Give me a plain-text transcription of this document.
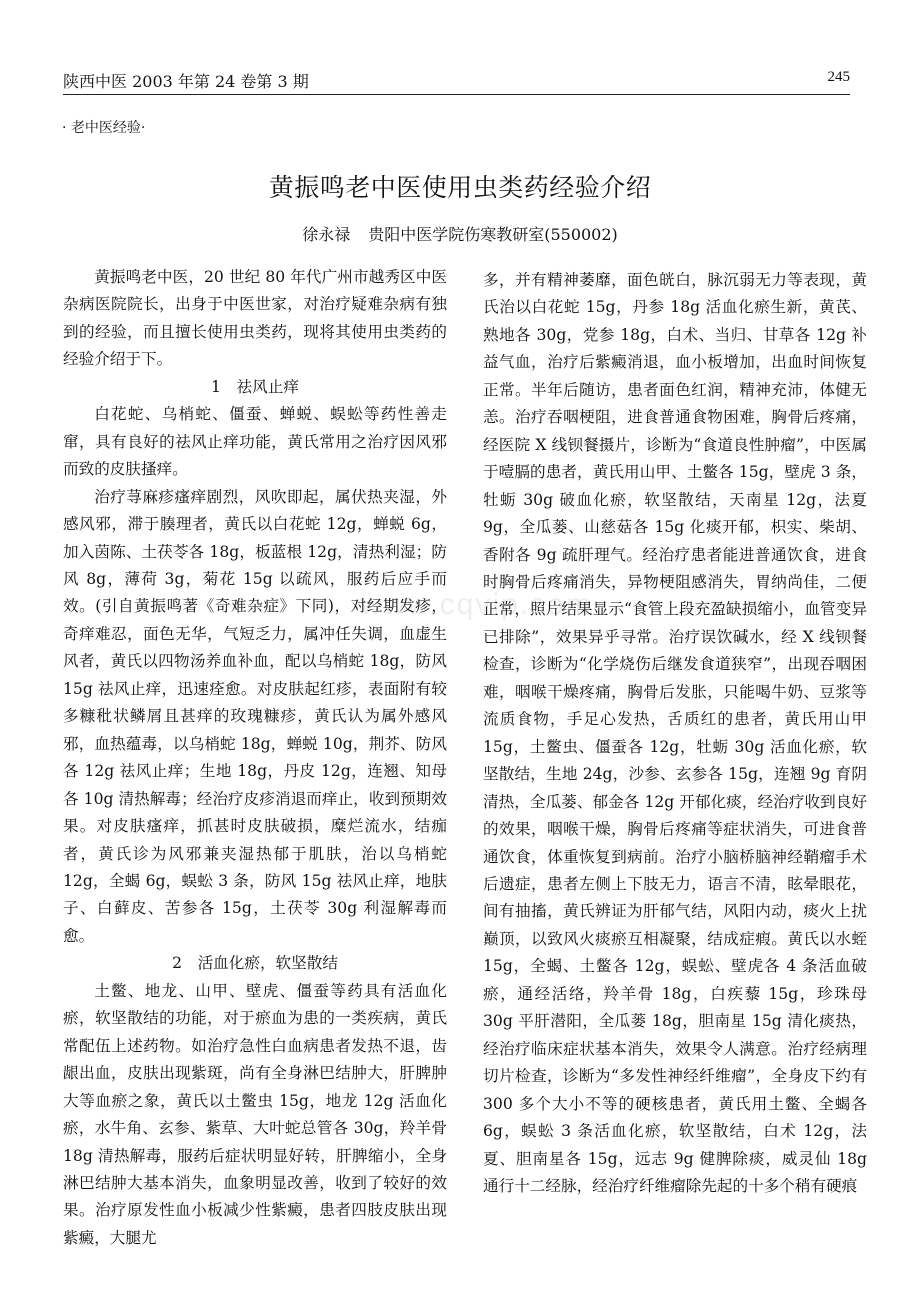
陕西中医 2003 年第 24 卷第 3 期	245
· 老中医经验·
黄振鸣老中医使用虫类药经验介绍
徐永禄 贵阳中医学院伤寒教研室(550002)
www.cqvip.com

黄振鸣老中医，20 世纪 80 年代广州市越秀区中医杂病医院院长，出身于中医世家，对治疗疑难杂病有独到的经验，而且擅长使用虫类药，现将其使用虫类药的经验介绍于下。

1　祛风止痒

白花蛇、乌梢蛇、僵蚕、蝉蜕、蜈蚣等药性善走窜，具有良好的祛风止痒功能，黄氏常用之治疗因风邪而致的皮肤搔痒。

治疗荨麻疹瘙痒剧烈，风吹即起，属伏热夹湿，外感风邪，滞于腠理者，黄氏以白花蛇 12g，蝉蜕 6g，加入茵陈、土茯苓各 18g，板蓝根 12g，清热利湿；防风 8g，薄荷 3g，菊花 15g 以疏风，服药后应手而效。(引自黄振鸣著《奇难杂症》下同)，对经期发疹，奇痒难忍，面色无华，气短乏力，属冲任失调，血虚生风者，黄氏以四物汤养血补血，配以乌梢蛇 18g，防风 15g 祛风止痒，迅速痊愈。对皮肤起红疹，表面附有较多糠秕状鳞屑且甚痒的玫瑰糠疹，黄氏认为属外感风邪，血热蕴毒，以乌梢蛇 18g，蝉蜕 10g，荆芥、防风各 12g 祛风止痒；生地 18g，丹皮 12g，连翘、知母各 10g 清热解毒；经治疗皮疹消退而痒止，收到预期效果。对皮肤瘙痒，抓甚时皮肤破损，糜烂流水，结痂者，黄氏诊为风邪兼夹湿热郁于肌肤，治以乌梢蛇 12g，全蝎 6g，蜈蚣 3 条，防风 15g 祛风止痒，地肤子、白藓皮、苦参各 15g，土茯苓 30g 利湿解毒而愈。

2　活血化瘀，软坚散结

土鳖、地龙、山甲、壁虎、僵蚕等药具有活血化瘀，软坚散结的功能，对于瘀血为患的一类疾病，黄氏常配伍上述药物。如治疗急性白血病患者发热不退，齿龈出血，皮肤出现紫斑，尚有全身淋巴结肿大，肝脾肿大等血瘀之象，黄氏以土鳖虫 15g，地龙 12g 活血化瘀，水牛角、玄参、紫草、大叶蛇总管各 30g，羚羊骨 18g 清热解毒，服药后症状明显好转，肝脾缩小，全身淋巴结肿大基本消失，血象明显改善，收到了较好的效果。治疗原发性血小板减少性紫癜，患者四肢皮肤出现紫癜，大腿尤

多，并有精神萎靡，面色㿠白，脉沉弱无力等表现，黄氏治以白花蛇 15g，丹参 18g 活血化瘀生新，黄芪、熟地各 30g，党参 18g，白术、当归、甘草各 12g 补益气血，治疗后紫癜消退，血小板增加，出血时间恢复正常。半年后随访，患者面色红润，精神充沛，体健无恙。治疗吞咽梗阻，进食普通食物困难，胸骨后疼痛，经医院 X 线钡餐摄片，诊断为“食道良性肿瘤”，中医属于噎膈的患者，黄氏用山甲、土鳖各 15g，壁虎 3 条，牡蛎 30g 破血化瘀，软坚散结，天南星 12g，法夏 9g，全瓜蒌、山慈菇各 15g 化痰开郁，枳实、柴胡、香附各 9g 疏肝理气。经治疗患者能进普通饮食，进食时胸骨后疼痛消失，异物梗阻感消失，胃纳尚佳，二便正常，照片结果显示“食管上段充盈缺损缩小，血管变异已排除”，效果异乎寻常。治疗误饮碱水，经 X 线钡餐检查，诊断为“化学烧伤后继发食道狭窄”，出现吞咽困难，咽喉干燥疼痛，胸骨后发胀，只能喝牛奶、豆浆等流质食物，手足心发热，舌质红的患者，黄氏用山甲 15g，土鳖虫、僵蚕各 12g，牡蛎 30g 活血化瘀，软坚散结，生地 24g，沙参、玄参各 15g，连翘 9g 育阴清热，全瓜蒌、郁金各 12g 开郁化痰，经治疗收到良好的效果，咽喉干燥，胸骨后疼痛等症状消失，可进食普通饮食，体重恢复到病前。治疗小脑桥脑神经鞘瘤手术后遗症，患者左侧上下肢无力，语言不清，眩晕眼花，间有抽搐，黄氏辨证为肝郁气结，风阳内动，痰火上扰巅顶，以致风火痰瘀互相凝聚，结成症瘕。黄氏以水蛭 15g，全蝎、土鳖各 12g，蜈蚣、壁虎各 4 条活血破瘀，通经活络，羚羊骨 18g，白疾藜 15g，珍珠母 30g 平肝潜阳，全瓜蒌 18g，胆南星 15g 清化痰热，经治疗临床症状基本消失，效果令人满意。治疗经病理切片检查，诊断为“多发性神经纤维瘤”，全身皮下约有 300 多个大小不等的硬核患者，黄氏用土鳖、全蝎各 6g，蜈蚣 3 条活血化瘀，软坚散结，白术 12g，法夏、胆南星各 15g，远志 9g 健脾除痰，威灵仙 18g 通行十二经脉，经治疗纤维瘤除先起的十多个稍有硬痕
